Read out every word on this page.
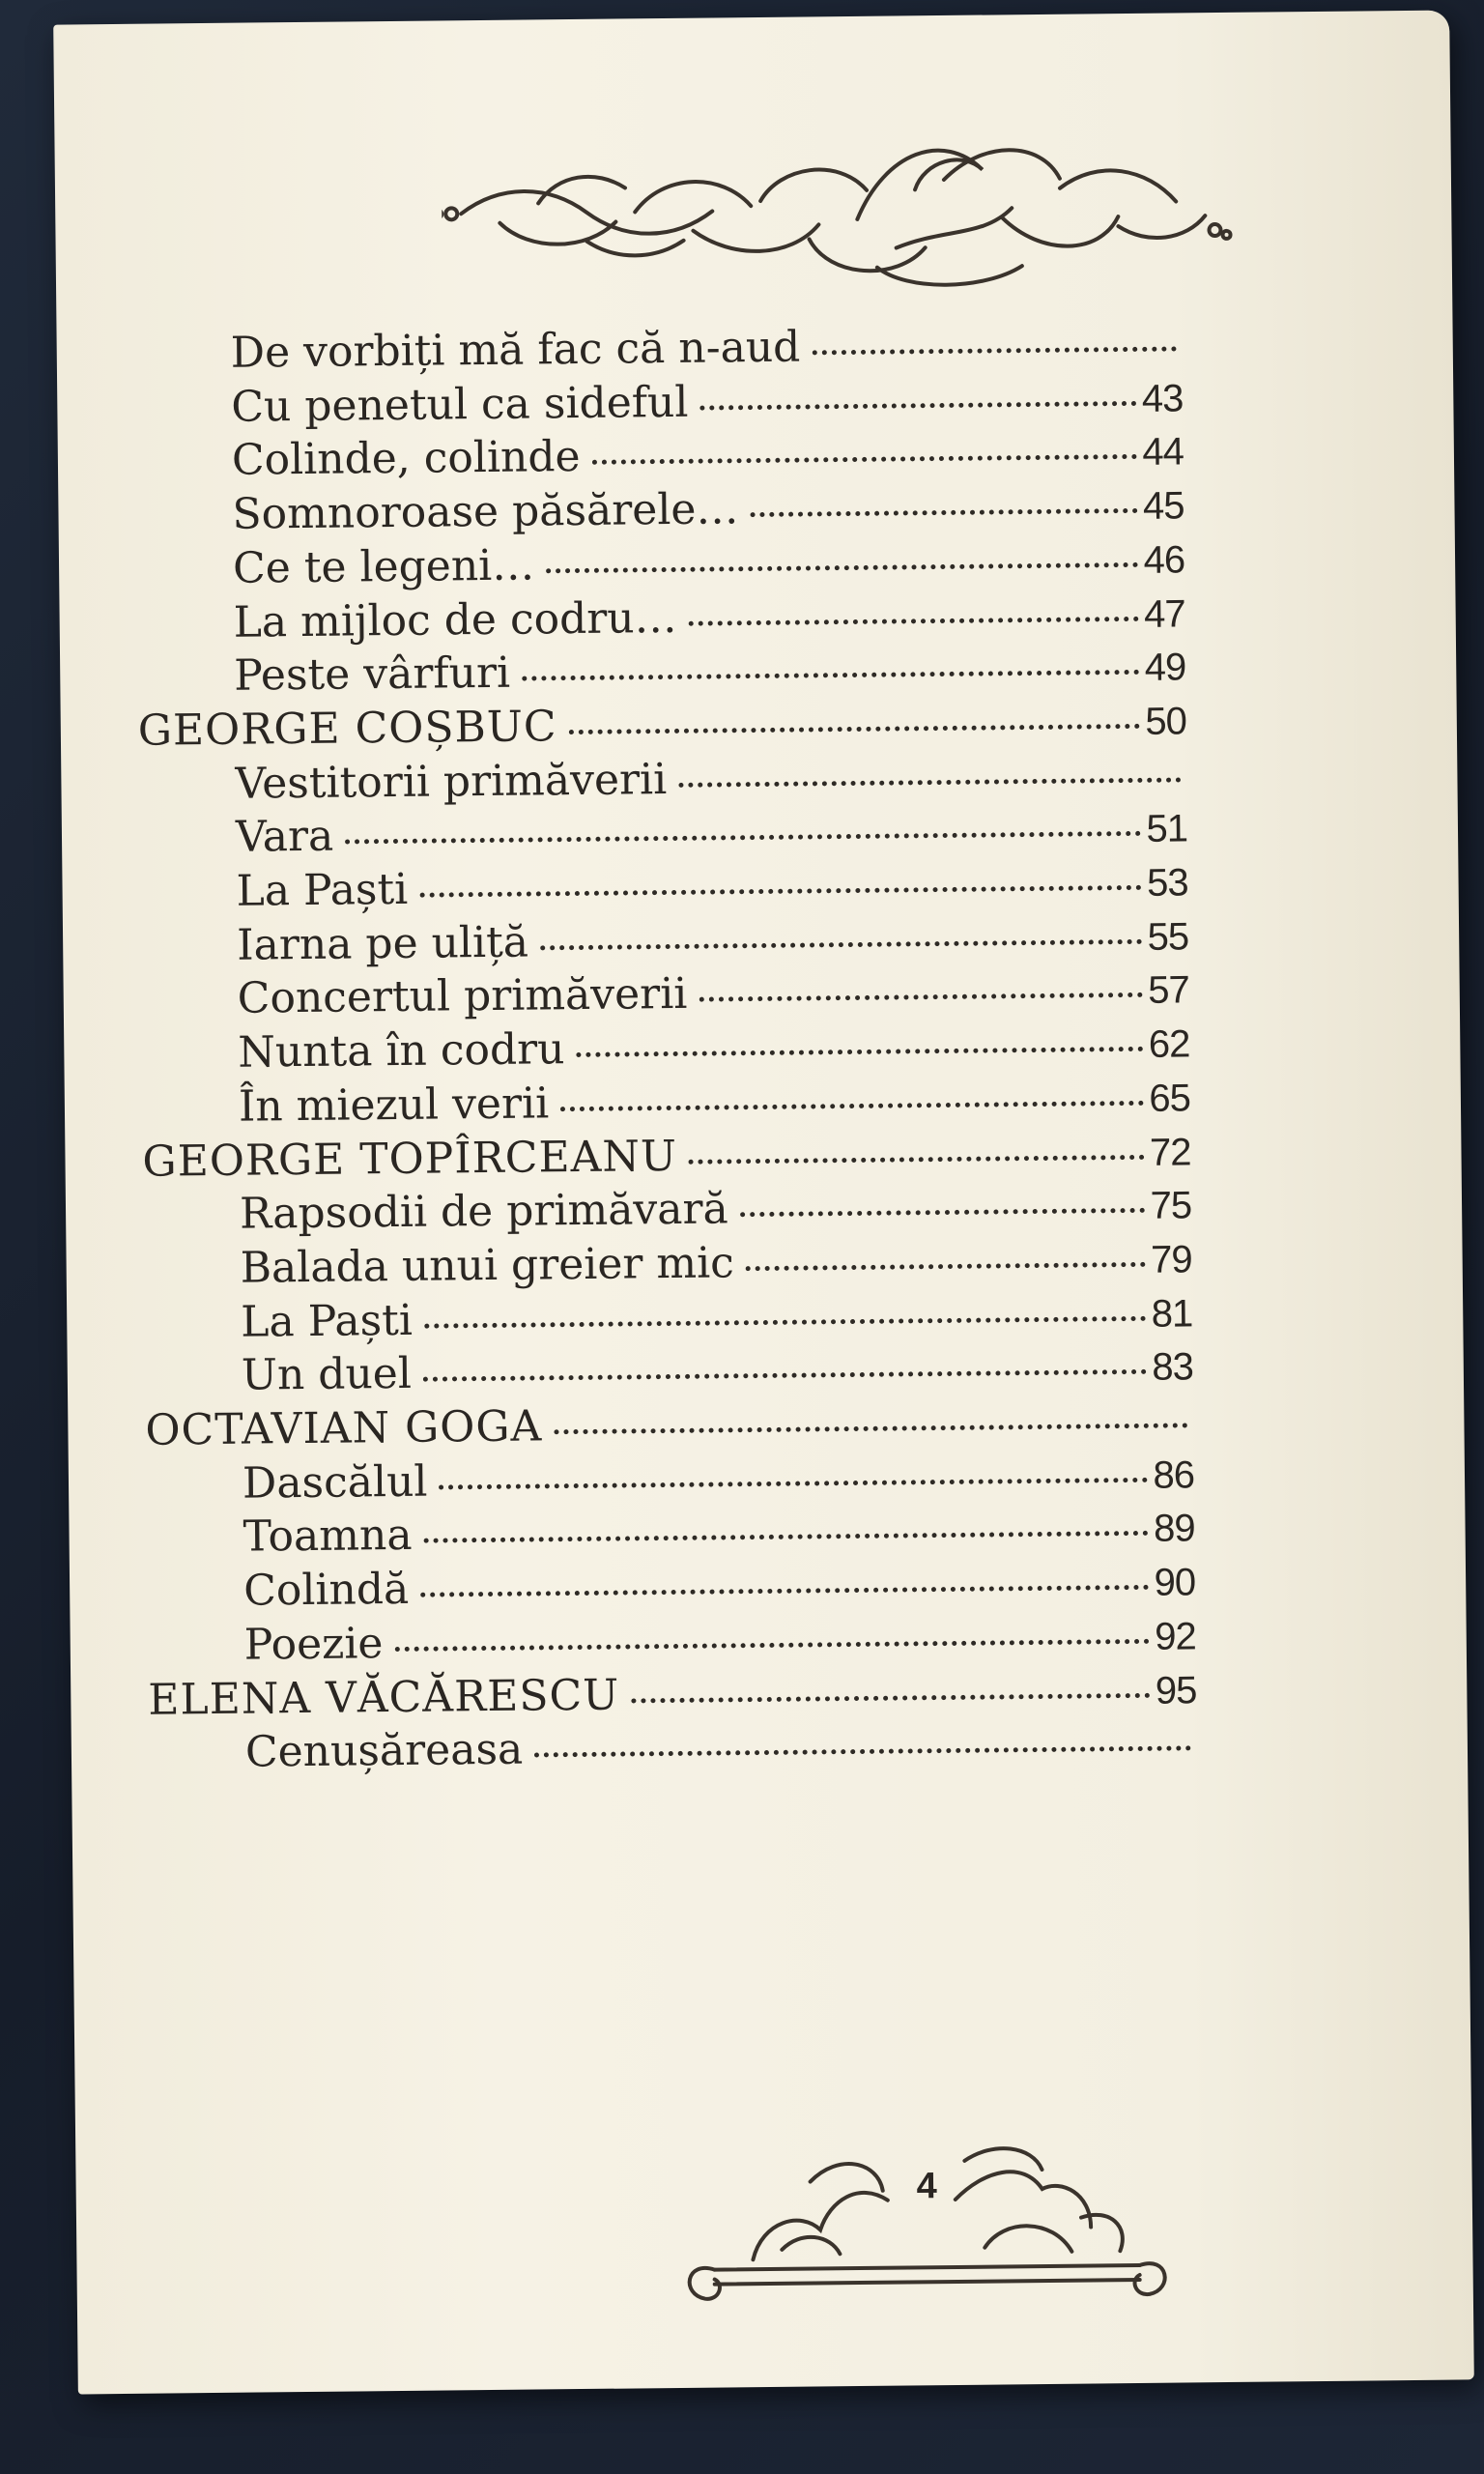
De vorbiți mă fac că n-aud
Cu penetul ca sideful	43
Colinde, colinde	44
Somnoroase păsărele…	45
Ce te legeni…	46
La mijloc de codru…	47
Peste vârfuri	49
GEORGE COȘBUC	50
Vestitorii primăverii
Vara	51
La Paști	53
Iarna pe uliță	55
Concertul primăverii	57
Nunta în codru	62
În miezul verii	65
GEORGE TOPÎRCEANU	72
Rapsodii de primăvară	75
Balada unui greier mic	79
La Paști	81
Un duel	83
OCTAVIAN GOGA
Dascălul	86
Toamna	89
Colindă	90
Poezie	92
ELENA VĂCĂRESCU	95
Cenușăreasa
4
